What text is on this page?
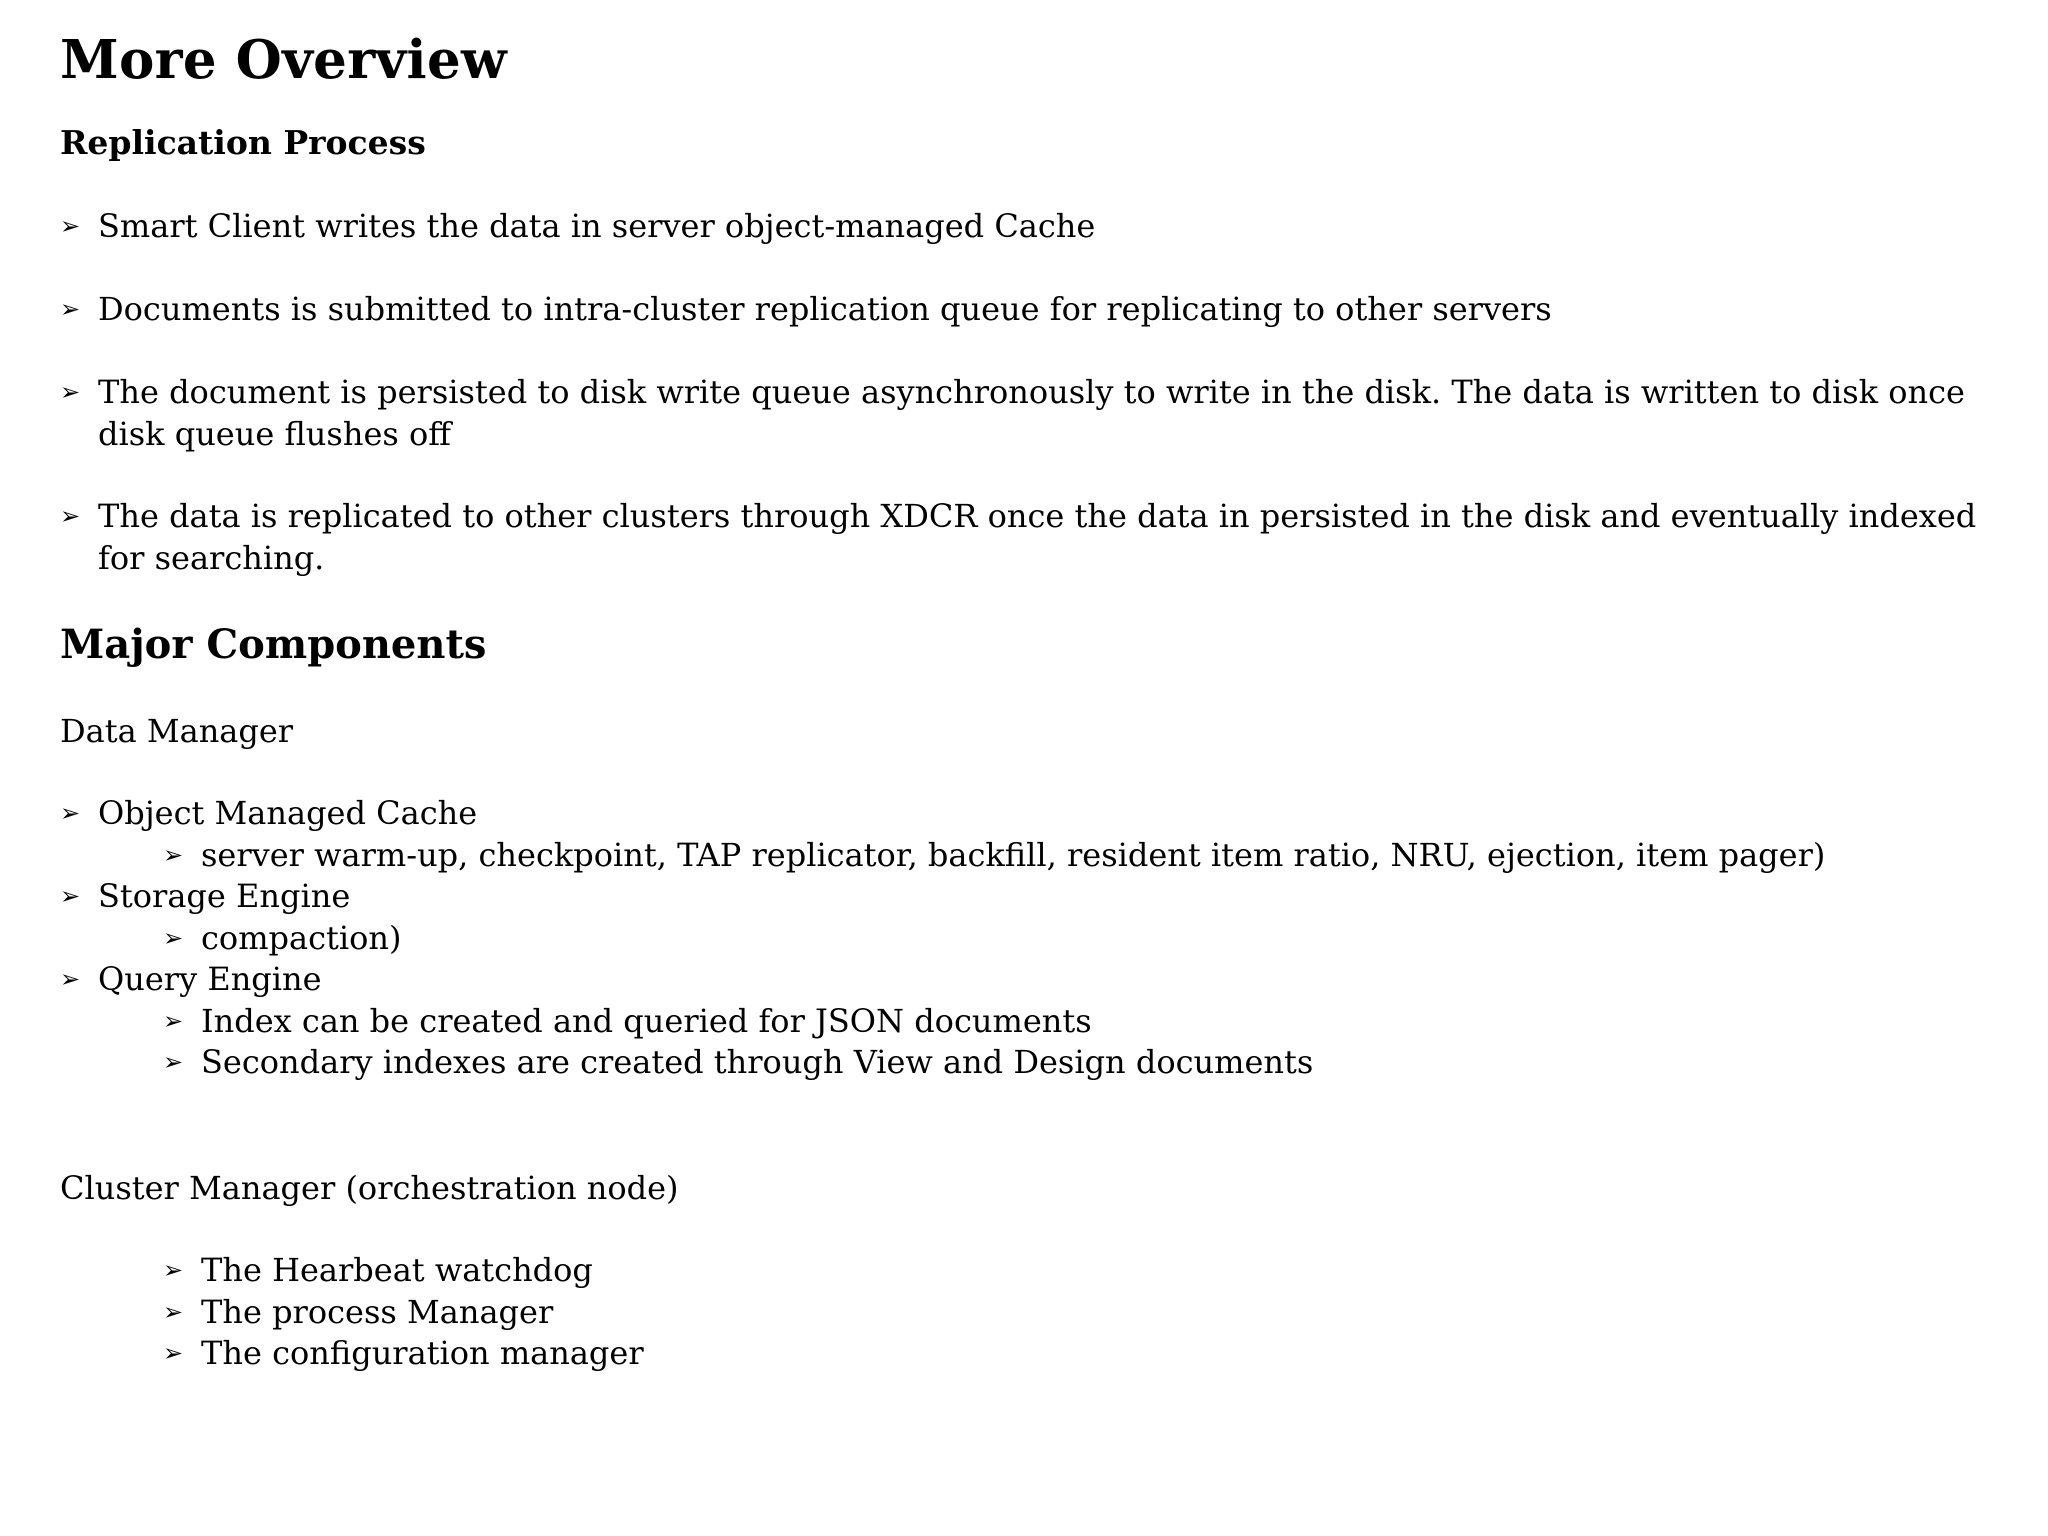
More Overview
Replication Process
➢ Smart Client writes the data in server object-managed Cache
➢ Documents is submitted to intra-cluster replication queue for replicating to other servers
➢ The document is persisted to disk write queue asynchronously to write in the disk. The data is written to disk once disk queue flushes off
➢ The data is replicated to other clusters through XDCR once the data in persisted in the disk and eventually indexed for searching.
Major Components
Data Manager
➢ Object Managed Cache
➢ server warm-up, checkpoint, TAP replicator, backfill, resident item ratio, NRU, ejection, item pager)
➢ Storage Engine
➢ compaction)
➢ Query Engine
➢ Index can be created and queried for JSON documents
➢ Secondary indexes are created through View and Design documents
Cluster Manager (orchestration node)
➢ The Hearbeat watchdog
➢ The process Manager
➢ The configuration manager
